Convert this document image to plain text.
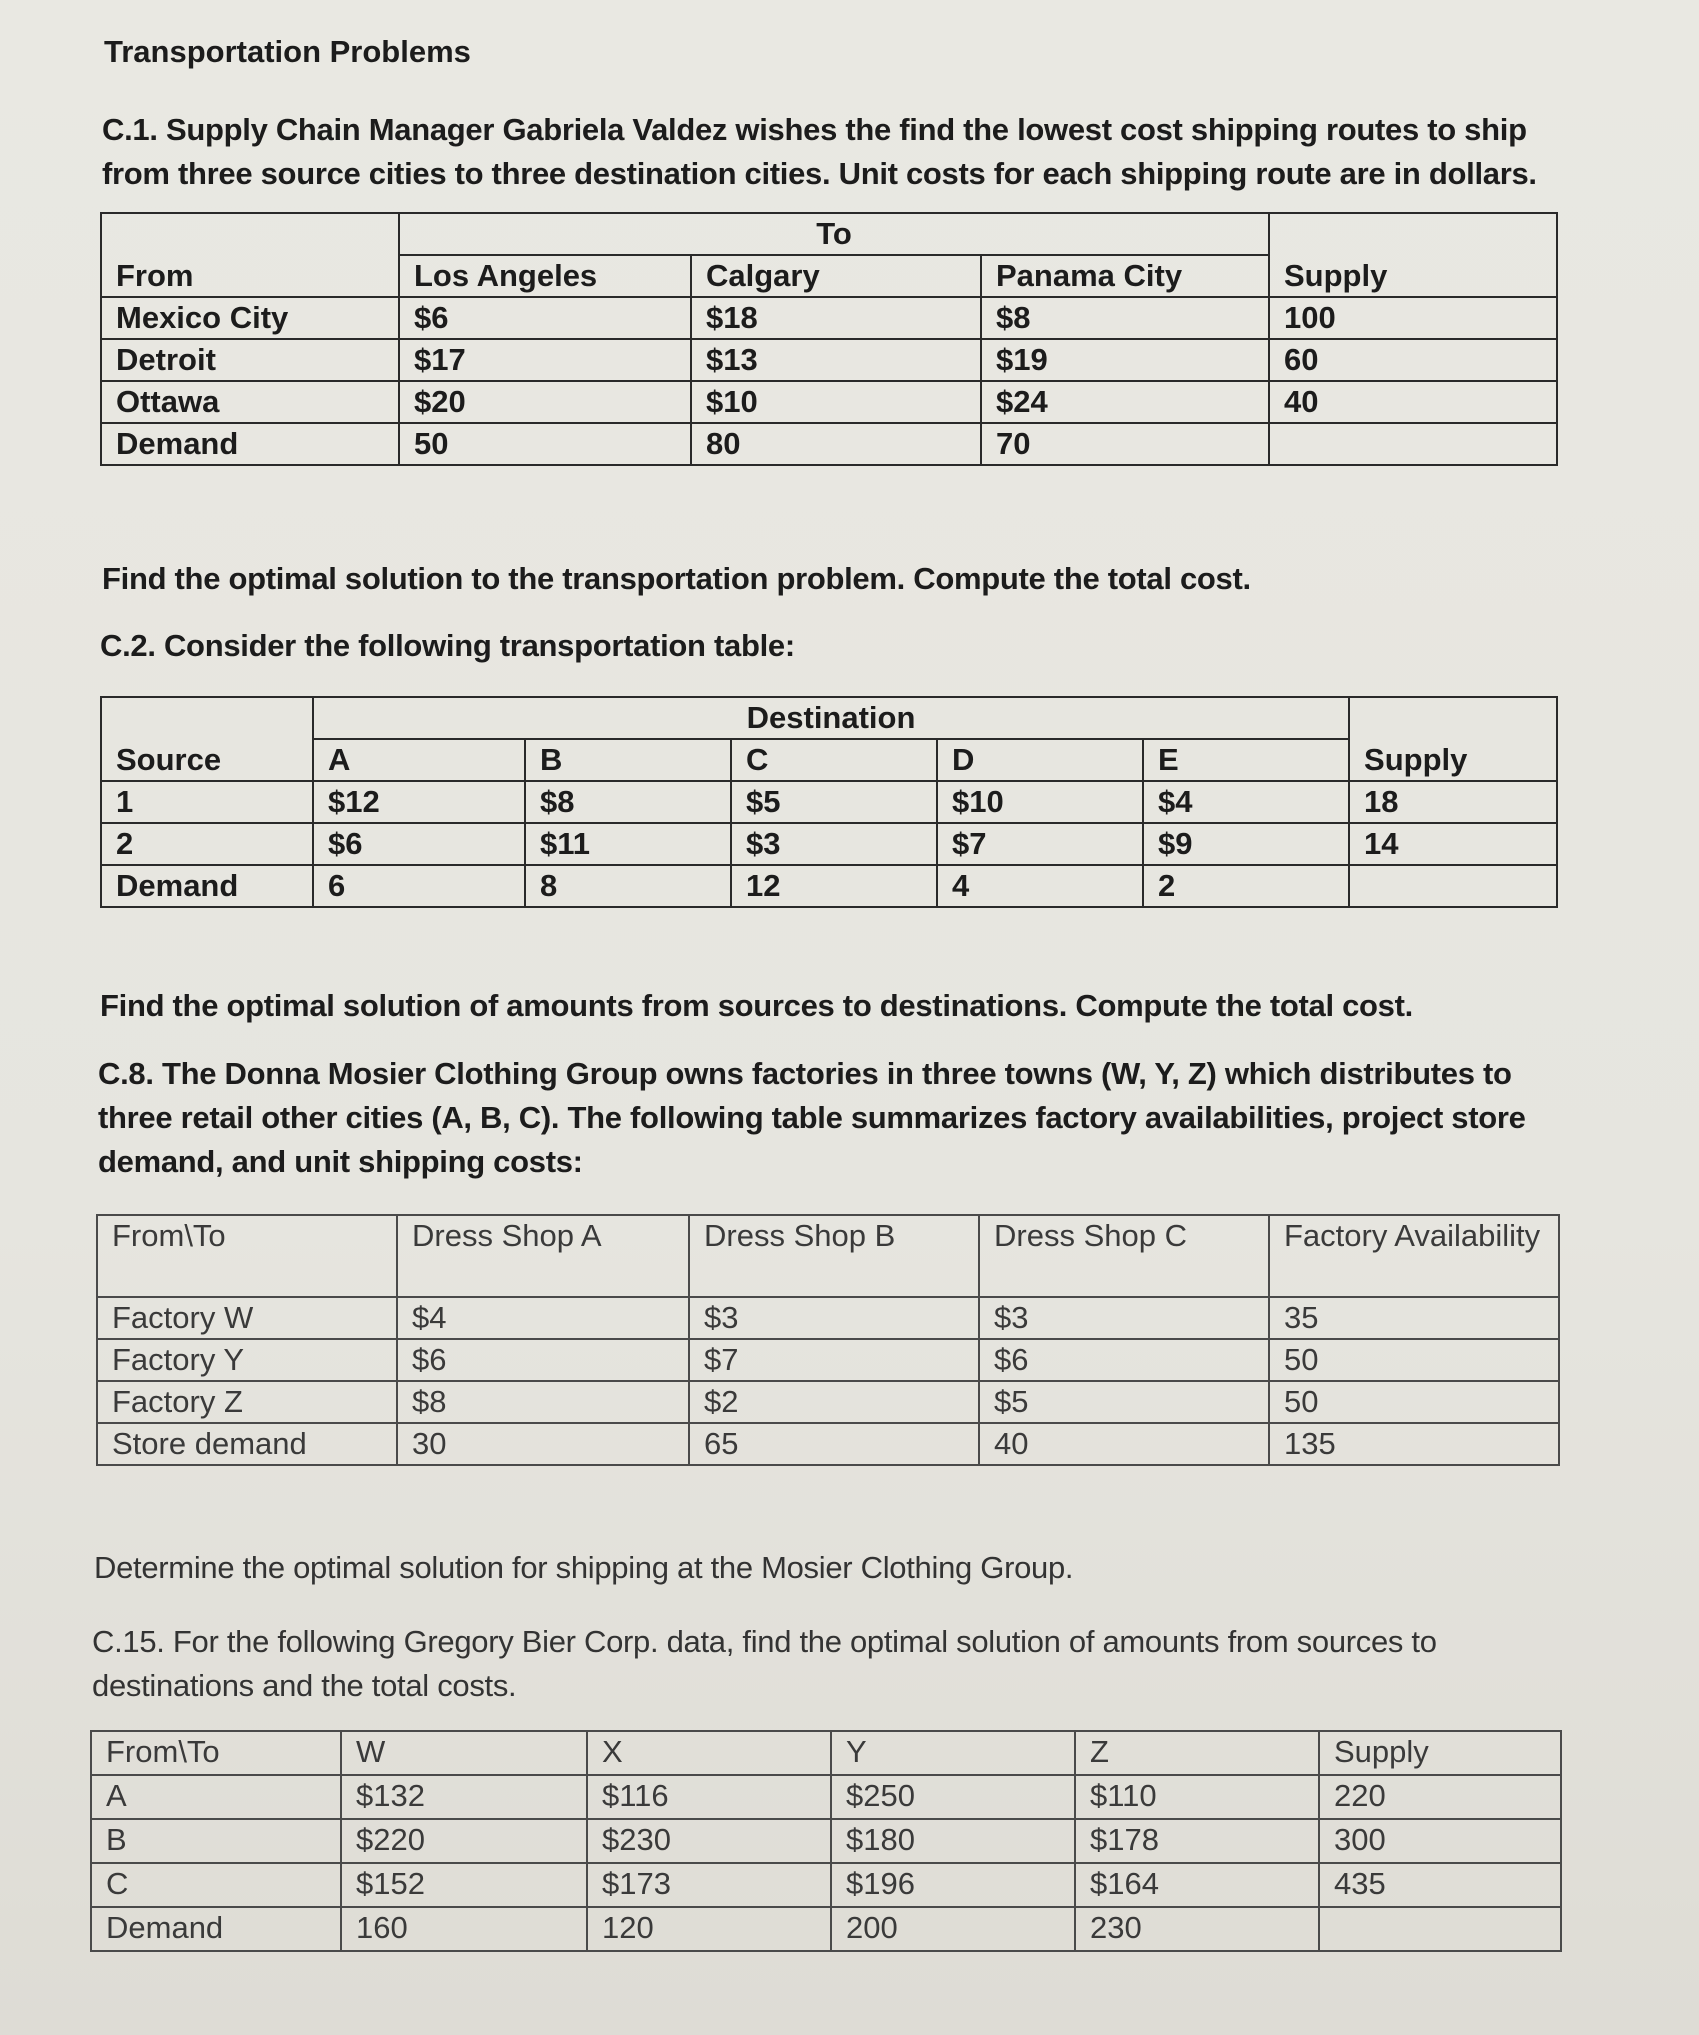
Transportation Problems
C.1. Supply Chain Manager Gabriela Valdez wishes the find the lowest cost shipping routes to ship from three source cities to three destination cities. Unit costs for each shipping route are in dollars.
	To			
From	Los Angeles	Calgary	Panama City	Supply
Mexico City	$6	$18	$8	100
Detroit	$17	$13	$19	60
Ottawa	$20	$10	$24	40
Demand	50	80	70	
Find the optimal solution to the transportation problem. Compute the total cost.
C.2. Consider the following transportation table:
	Destination					
Source	A	B	C	D	E	Supply
1	$12	$8	$5	$10	$4	18
2	$6	$11	$3	$7	$9	14
Demand	6	8	12	4	2	
Find the optimal solution of amounts from sources to destinations. Compute the total cost.
C.8. The Donna Mosier Clothing Group owns factories in three towns (W, Y, Z) which distributes to three retail other cities (A, B, C). The following table summarizes factory availabilities, project store demand, and unit shipping costs:
From\To	Dress Shop A	Dress Shop B	Dress Shop C	Factory Availability
Factory W	$4	$3	$3	35
Factory Y	$6	$7	$6	50
Factory Z	$8	$2	$5	50
Store demand	30	65	40	135
Determine the optimal solution for shipping at the Mosier Clothing Group.
C.15. For the following Gregory Bier Corp. data, find the optimal solution of amounts from sources to destinations and the total costs.
From\To	W	X	Y	Z	Supply
A	$132	$116	$250	$110	220
B	$220	$230	$180	$178	300
C	$152	$173	$196	$164	435
Demand	160	120	200	230	
